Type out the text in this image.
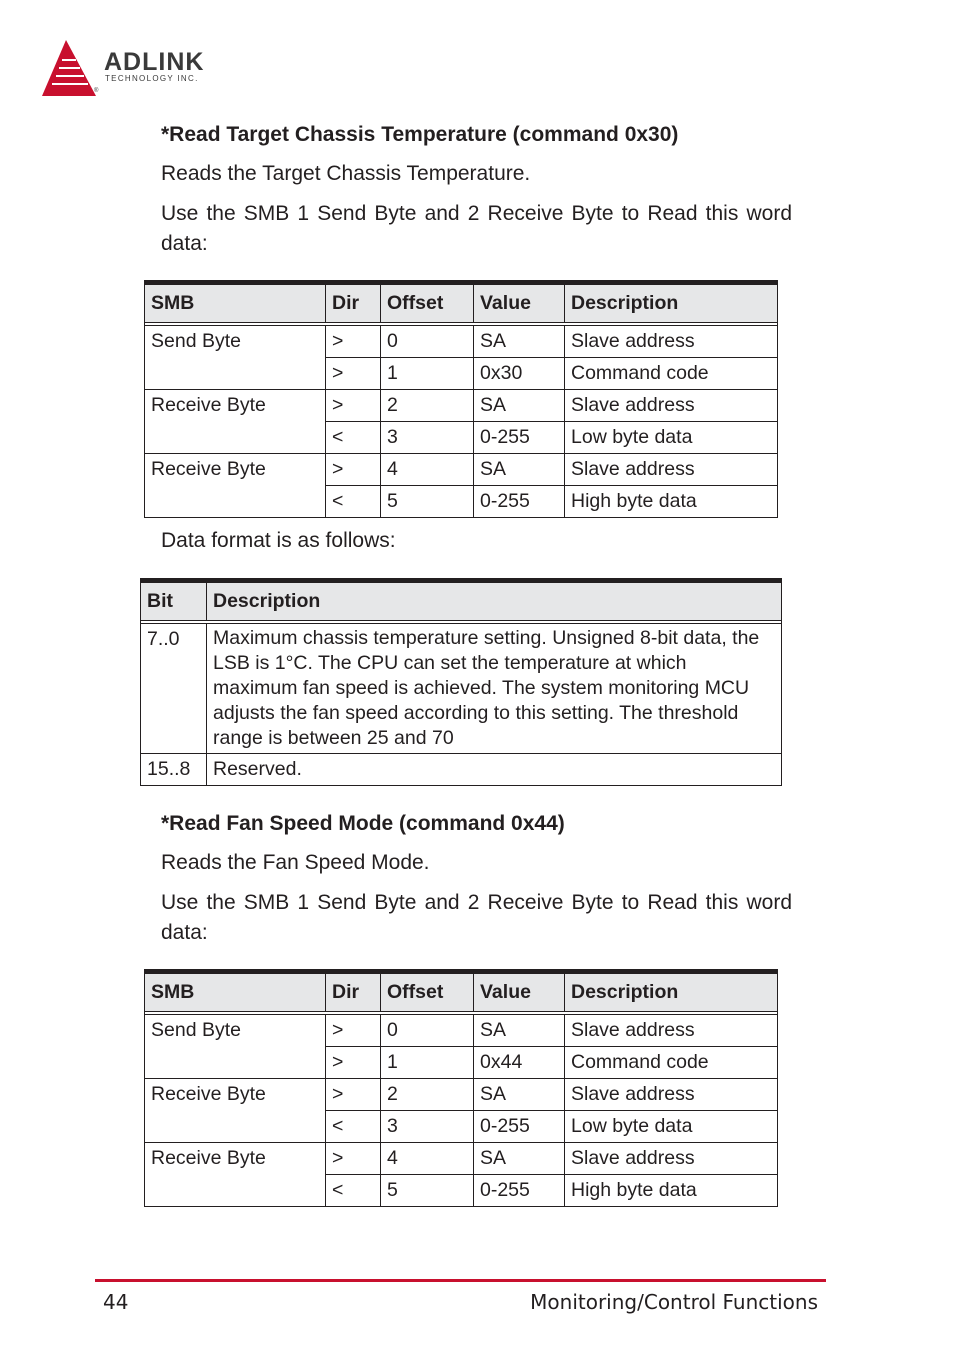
ADLINK
TECHNOLOGY INC.
®
*Read Target Chassis Temperature (command 0x30)
Reads the Target Chassis Temperature.
Use the SMB 1 Send Byte and 2 Receive Byte to Read this word data:
SMB	Dir	Offset	Value	Description

Send Byte	>	0	SA	Slave address
	>	1	0x30	Command code
Receive Byte	>	2	SA	Slave address
	<	3	0-255	Low byte data
Receive Byte	>	4	SA	Slave address
	<	5	0-255	High byte data
Data format is as follows:
Bit	Description

7..0	Maximum chassis temperature setting. Unsigned 8-bit data, the LSB is 1°C. The CPU can set the temperature at which maximum fan speed is achieved. The system monitoring MCU adjusts the fan speed according to this setting. The threshold range is between 25 and 70
15..8	Reserved.
*Read Fan Speed Mode (command 0x44)
Reads the Fan Speed Mode.
Use the SMB 1 Send Byte and 2 Receive Byte to Read this word data:
SMB	Dir	Offset	Value	Description

Send Byte	>	0	SA	Slave address
	>	1	0x44	Command code
Receive Byte	>	2	SA	Slave address
	<	3	0-255	Low byte data
Receive Byte	>	4	SA	Slave address
	<	5	0-255	High byte data
44	Monitoring/Control Functions
